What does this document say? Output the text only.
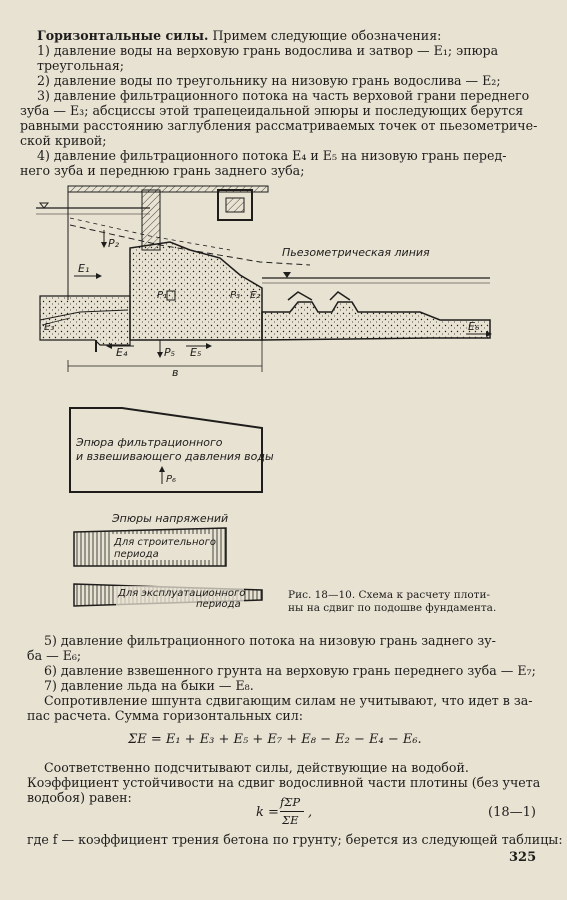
Горизонтальные силы. Примем следующие обозначения:
1) давление воды на верховую грань водослива и затвор — E₁; эпюра
треугольная;
2) давление воды по треугольнику на низовую грань водослива — E₂;
3) давление фильтрационного потока на часть верховой грани переднего
зуба — E₃; абсциссы этой трапецеидальной эпюры и последующих берутся
равными расстоянию заглубления рассматриваемых точек от пьезометриче-
ской кривой;
4) давление фильтрационного потока E₄ и E₅ на низовую грань перед-
него зуба и переднюю грань заднего зуба;
Пьезометрическая линия
P₂
E₁
P₁	P₃ E₂
E₃
E₄	P₅ E₅
E₆
в
Эпюра фильтрационного
и взвешивающего давления воды
P₆
Эпюры напряжений
Для строительного
периода
Для эксплуатационного
периода
Рис. 18—10. Схема к расчету плоти-
ны на сдвиг по подошве фундамента.
5) давление фильтрационного потока на низовую грань заднего зу-
ба — E₆;
6) давление взвешенного грунта на верховую грань переднего зуба — E₇;
7) давление льда на быки — E₈.
Сопротивление шпунта сдвигающим силам не учитывают, что идет в за-
пас расчета. Сумма горизонтальных сил:
ΣE = E₁ + E₃ + E₅ + E₇ + E₈ − E₂ − E₄ − E₆.
Соответственно подсчитывают силы, действующие на водобой.
Коэффициент устойчивости на сдвиг водосливной части плотины (без учета
водобоя) равен:
k =
fΣP
ΣE ,	(18—1)
где f — коэффициент трения бетона по грунту; берется из следующей таблицы:
325
